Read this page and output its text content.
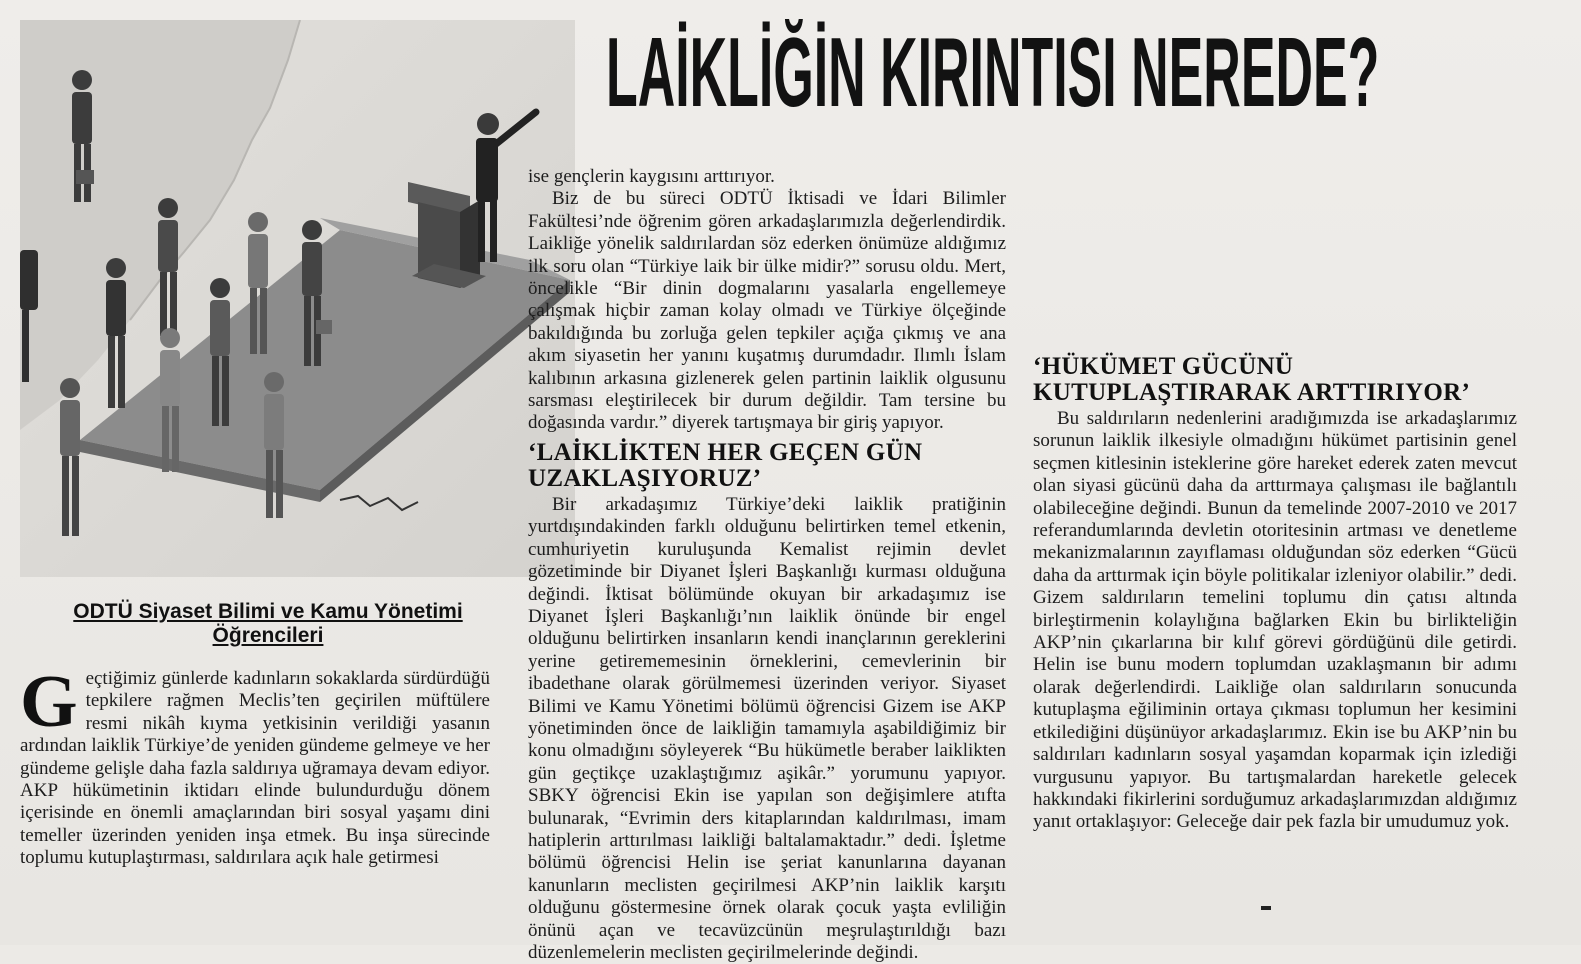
LAİKLİĞİN KIRINTISI NEREDE?
ODTÜ Siyaset Bilimi ve Kamu Yönetimi Öğrencileri

Geçtiğimiz günlerde kadınların sokaklarda sürdürdüğü tepkilere rağmen Meclis’ten geçirilen müftülere resmi nikâh kıyma yetkisinin verildiği yasanın ardından laiklik Türkiye’de yeniden gündeme gelmeye ve her gündeme gelişle daha fazla saldırıya uğramaya devam ediyor. AKP hükümetinin iktidarı elinde bulundurduğu dönem içerisinde en önemli amaçlarından biri sosyal yaşamı dini temeller üzerinden yeniden inşa etmek. Bu inşa sürecinde toplumu kutuplaştırması, saldırılara açık hale getirmesi

ise gençlerin kaygısını arttırıyor.

Biz de bu süreci ODTÜ İktisadi ve İdari Bilimler Fakültesi’nde öğrenim gören arkadaşlarımızla değerlendirdik. Laikliğe yönelik saldırılardan söz ederken önümüze aldığımız ilk soru olan “Türkiye laik bir ülke midir?” sorusu oldu. Mert, öncelikle “Bir dinin dogmalarını yasalarla engellemeye çalışmak hiçbir zaman kolay olmadı ve Türkiye ölçeğinde bakıldığında bu zorluğa gelen tepkiler açığa çıkmış ve ana akım siyasetin her yanını kuşatmış durumdadır. Ilımlı İslam kalıbının arkasına gizlenerek gelen partinin laiklik olgusunu sarsması eleştirilecek bir durum değildir. Tam tersine bu doğasında vardır.” diyerek tartışmaya bir giriş yapıyor.

‘LAİKLİKTEN HER GEÇEN GÜN UZAKLAŞIYORUZ’

Bir arkadaşımız Türkiye’deki laiklik pratiğinin yurtdışındakinden farklı olduğunu belirtirken temel etkenin, cumhuriyetin kuruluşunda Kemalist rejimin devlet gözetiminde bir Diyanet İşleri Başkanlığı kurması olduğuna değindi. İktisat bölümünde okuyan bir arkadaşımız ise Diyanet İşleri Başkanlığı’nın laiklik önünde bir engel olduğunu belirtirken insanların kendi inançlarının gereklerini yerine getirememesinin örneklerini, cemevlerinin bir ibadethane olarak görülmemesi üzerinden veriyor. Siyaset Bilimi ve Kamu Yönetimi bölümü öğrencisi Gizem ise AKP yönetiminden önce de laikliğin tamamıyla aşabildiğimiz bir konu olmadığını söyleyerek “Bu hükümetle beraber laiklikten gün geçtikçe uzaklaştığımız aşikâr.” yorumunu yapıyor. SBKY öğrencisi Ekin ise yapılan son değişimlere atıfta bulunarak, “Evrimin ders kitaplarından kaldırılması, imam hatiplerin arttırılması laikliği baltalamaktadır.” dedi. İşletme bölümü öğrencisi Helin ise şeriat kanunlarına dayanan kanunların meclisten geçirilmesi AKP’nin laiklik karşıtı olduğunu göstermesine örnek olarak çocuk yaşta evliliğin önünü açan ve tecavüzcünün meşrulaştırıldığı bazı düzenlemelerin meclisten geçirilmelerinde değindi.

‘HÜKÜMET GÜCÜNÜ KUTUPLAŞTIRARAK ARTTIRIYOR’

Bu saldırıların nedenlerini aradığımızda ise arkadaşlarımız sorunun laiklik ilkesiyle olmadığını hükümet partisinin genel seçmen kitlesinin isteklerine göre hareket ederek zaten mevcut olan siyasi gücünü daha da arttırmaya çalışması ile bağlantılı olabileceğine değindi. Bunun da temelinde 2007-2010 ve 2017 referandumlarında devletin otoritesinin artması ve denetleme mekanizmalarının zayıflaması olduğundan söz ederken “Gücü daha da arttırmak için böyle politikalar izleniyor olabilir.” dedi. Gizem saldırıların temelini toplumu din çatısı altında birleştirmenin kolaylığına bağlarken Ekin bu birlikteliğin AKP’nin çıkarlarına bir kılıf görevi gördüğünü dile getirdi. Helin ise bunu modern toplumdan uzaklaşmanın bir adımı olarak değerlendirdi. Laikliğe olan saldırıların sonucunda kutuplaşma eğiliminin ortaya çıkması toplumun her kesimini etkilediğini düşünüyor arkadaşlarımız. Ekin ise bu AKP’nin bu saldırıları kadınların sosyal yaşamdan koparmak için izlediği vurgusunu yapıyor. Bu tartışmalardan hareketle gelecek hakkındaki fikirlerini sorduğumuz arkadaşlarımızdan aldığımız yanıt ortaklaşıyor: Geleceğe dair pek fazla bir umudumuz yok.
